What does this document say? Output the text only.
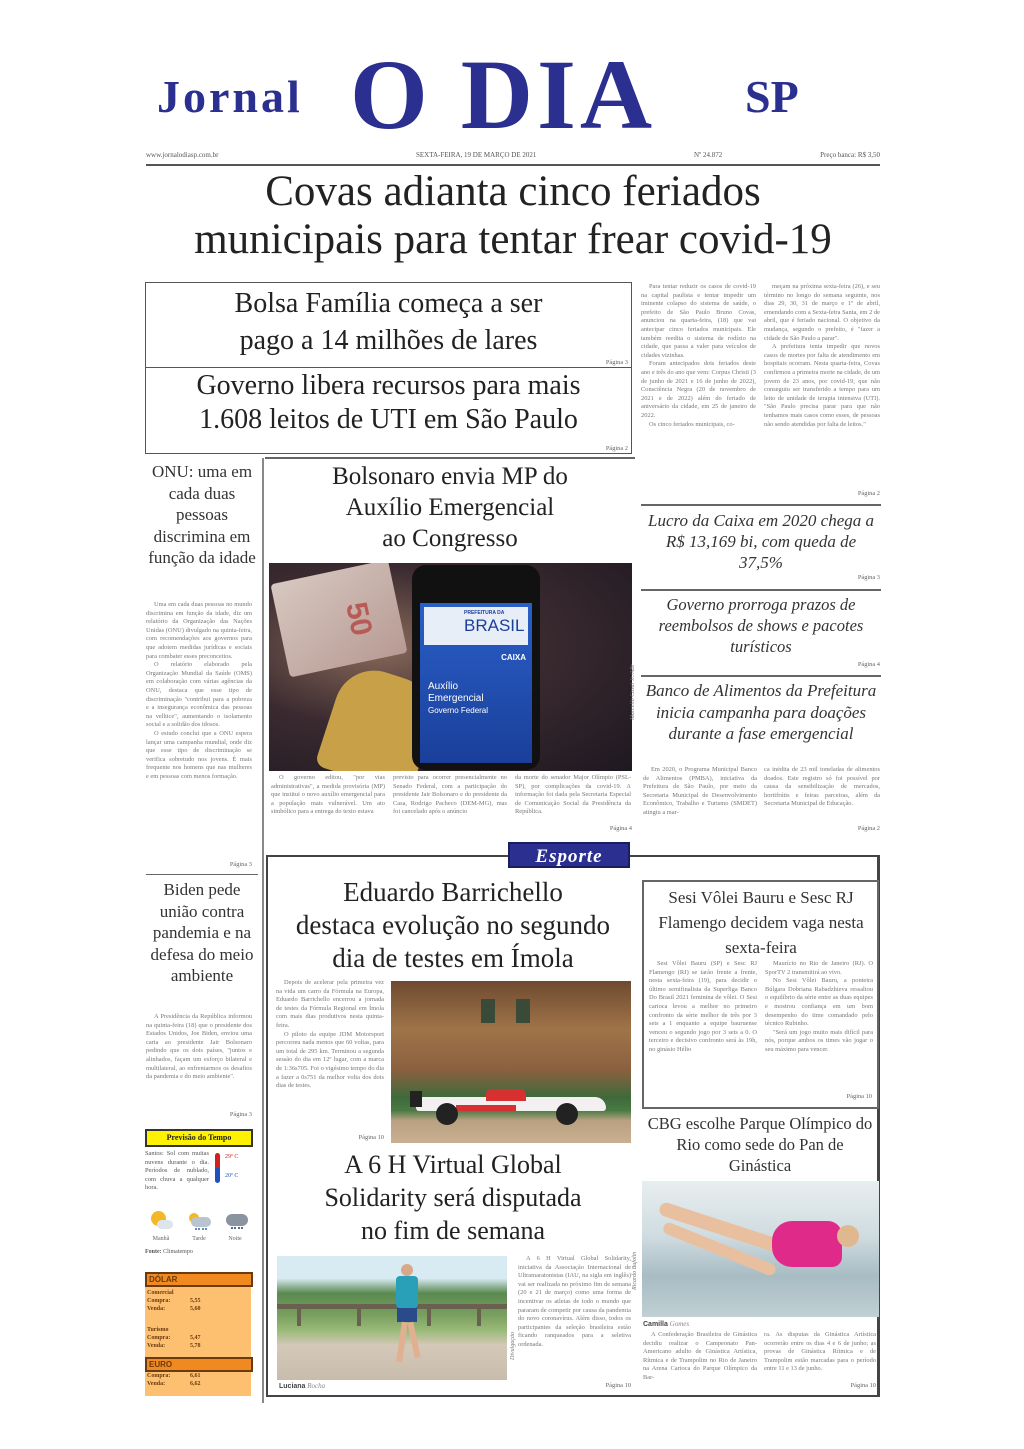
Jornal O DIA SP
www.jornalodiasp.com.br	SEXTA-FEIRA, 19 DE MARÇO DE 2021	Nº 24.872	Preço banca: R$ 3,50
Covas adianta cinco feriados
municipais para tentar frear covid-19
Bolsa Família começa a ser
pago a 14 milhões de lares
Página 3
Governo libera recursos para mais
1.608 leitos de UTI em São Paulo
Página 2

Para tentar reduzir os casos de covid-19 na capital paulista e tentar impedir um iminente colapso do sistema de saúde, o prefeito de São Paulo Bruno Covas, anunciou na quarta-feira, (18) que vai antecipar cinco feriados municipais. Ele também reedita o sistema de rodízio na cidade, que passa a valer para veículos de cidades vizinhas.

Foram antecipados dois feriados deste ano e três do ano que vem: Corpus Christi (3 de junho de 2021 e 16 de junho de 2022), Consciência Negra (20 de novembro de 2021 e de 2022) além do feriado de aniversário da cidade, em 25 de janeiro de 2022.

Os cinco feriados municipais, co-

meçam na próxima sexta-feira (26), e seu término no longo do semana seguinte, nos dias 29, 30, 31 de março e 1º de abril, emendando com a Sexta-feira Santa, em 2 de abril, que é feriado nacional. O objetivo da mudança, segundo o prefeito, é "fazer a cidade de São Paulo a parar".

A prefeitura tenta impedir que novos casos de mortes por falta de atendimento em hospitais ocorram. Nesta quarta-feira, Covas confirmou a primeira morte na cidade, de um jovem de 23 anos, por covid-19, que não conseguiu ser transferido a tempo para um leito de unidade de terapia intensiva (UTI). "São Paulo precisa parar para que não tenhamos mais casos como esses, de pessoas não sendo atendidas por falta de leitos."

Página 2
ONU: uma em cada duas pessoas discrimina em função da idade

Uma em cada duas pessoas no mundo discrimina em função da idade, diz um relatório da Organização das Nações Unidas (ONU) divulgado na quinta-feira, com recomendações aos governos para que adotem medidas jurídicas e sociais para combater esses preconceitos.

O relatório elaborado pela Organização Mundial da Saúde (OMS) em colaboração com várias agências da ONU, destaca que esse tipo de discriminação "contribui para a pobreza e a insegurança econômica das pessoas na velhice", aumentando o isolamento social e a solidão dos idosos.

O estudo conclui que a ONU espera lançar uma campanha mundial, onde diz que esse tipo de discriminação se verifica sobretudo nos jovens. É mais frequente nos homens que nas mulheres e em pessoas com menos formação.

Página 3
Bolsonaro envia MP do
Auxílio Emergencial
ao Congresso
50	PREFEITURA DA
BRASIL
CAIXA
Auxílio
Emergencial
Governo Federal	Marcello Casal Jr./ABr
O governo editou, "por vias administrativas", a medida provisória (MP) que institui o novo auxílio emergencial para a população mais vulnerável. Um ato simbólico para a entrega do texto estava
previsto para ocorrer presencialmente no Senado Federal, com a participação do presidente Jair Bolsonaro e do presidente da Casa, Rodrigo Pacheco (DEM-MG), mas foi cancelado após o anúncio
da morte do senador Major Olímpio (PSL-SP), por complicações da covid-19. A informação foi dada pela Secretaria Especial de Comunicação Social da Presidência da República.
Página 4
Lucro da Caixa em 2020 chega a R$ 13,169 bi, com queda de 37,5%
Página 3
Governo prorroga prazos de reembolsos de shows e pacotes turísticos
Página 4
Banco de Alimentos da Prefeitura inicia campanha para doações durante a fase emergencial
Em 2020, o Programa Municipal Banco de Alimentos (PMBA), iniciativa da Prefeitura de São Paulo, por meio da Secretaria Municipal de Desenvolvimento Econômico, Trabalho e Turismo (SMDET) atingiu a mar-
ca inédita de 23 mil toneladas de alimentos doados. Este registro só foi possível por causa da sensibilização de mercados, hortifrútis e feiras parceiras, além da Secretaria Municipal de Educação.
Página 2
Biden pede união contra pandemia e na defesa do meio ambiente
A Presidência da República informou na quinta-feira (18) que o presidente dos Estados Unidos, Joe Biden, enviou uma carta ao presidente Jair Bolsonaro pedindo que os dois países, "juntos e alinhados, façam um esforço bilateral e multilateral, ao enfrentarmos os desafios da pandemia e do meio ambiente".
Página 3
Previsão do Tempo
Santos: Sol com muitas nuvens durante o dia. Períodos de nublado, com chuva a qualquer hora.
29º C
20º C
Manhã	Tarde	Noite
Fonte: Climatempo
DÓLAR
Comercial
Compra:	5,55
Venda:	5,60
Turismo
Compra:	5,47
Venda:	5,78
EURO
Compra:	6,61
Venda:	6,62
Esporte
Eduardo Barrichello
destaca evolução no segundo
dia de testes em Ímola

Depois de acelerar pela primeira vez na vida um carro da Fórmula na Europa, Eduardo Barrichello encerrou a jornada de testes da Fórmula Regional em Ímola com mais dias produtivos nesta quinta-feira.

O piloto da equipe JDM Motorsport percorreu nada menos que 60 voltas, para um total de 295 km. Terminou a segunda sessão do dia em 12º lugar, com a marca de 1:36s705. Foi o vigésimo tempo do dia a fazer a 0s751 da melhor volta dos dois dias de testes.

Página 10
Sesi Vôlei Bauru e Sesc RJ Flamengo decidem vaga nesta sexta-feira

Sesi Vôlei Bauru (SP) e Sesc RJ Flamengo (RJ) se tarão frente a frente, nesta sexta-feira (19), para decidir o último semifinalista da Superliga Banco Do Brasil 2021 feminina de vôlei. O Sesi carioca levou a melhor no primeiro confronto da série melhor de três por 3 sets a 1 enquanto a equipe bauruense venceu o segundo jogo por 3 sets a 0. O terceiro e decisivo confronto será às 19h, no ginásio Hélio

Maurício no Rio de Janeiro (RJ). O SporTV 2 transmitirá ao vivo.

No Sesi Vôlei Bauru, a ponteira Búlgara Dobriana Rabadzhieva ressaltou o equilíbrio da série entre as duas equipes e mostrou confiança em um bom desempenho do time comandado pelo técnico Rubinho.

"Será um jogo muito mais difícil para nós, porque ambos os times vão jogar o seu máximo para vencer.

Página 10
A 6 H Virtual Global
Solidarity será disputada
no fim de semana
Luciana Rocha
Divulgação
A 6 H Virtual Global Solidarity, iniciativa da Associação Internacional de Ultramaratonistas (IAU, na sigla em inglês) vai ser realizada no próximo fim de semana (20 e 21 de março) como uma forma de incentivar os atletas de todo o mundo que pararam de competir por causa da pandemia do novo coronavírus. Além disso, todos os participantes da seleção brasileira estão ficando ranqueados para a seletiva ordenada.
Página 10
CBG escolhe Parque Olímpico do Rio como sede do Pan de Ginástica
Ricardo Bufolin
Camilla Gomes
A Confederação Brasileira de Ginástica decidiu realizar o Campeonato Pan-Americano adulto de Ginástica Artística, Rítmica e de Trampolim no Rio de Janeiro na Arena Carioca do Parque Olímpico da Bar-
ra. As disputas da Ginástica Artística ocorrerão entre os dias 4 e 6 de junho; as provas de Ginástica Rítmica e de Trampolim estão marcadas para o período entre 11 e 13 de junho.
Página 10
